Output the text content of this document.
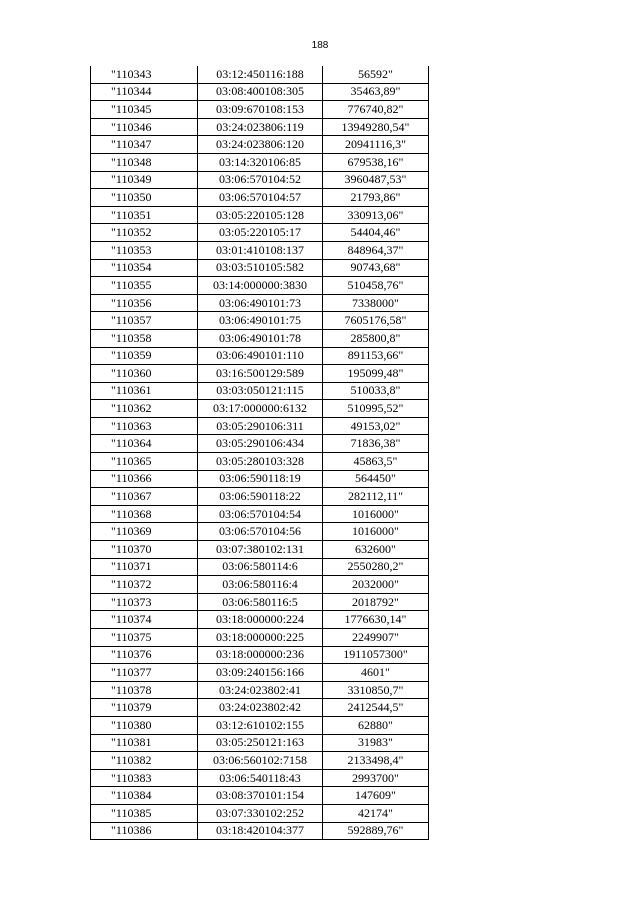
188
"110343	03:12:450116:188	56592"
"110344	03:08:400108:305	35463,89"
"110345	03:09:670108:153	776740,82"
"110346	03:24:023806:119	13949280,54"
"110347	03:24:023806:120	20941116,3"
"110348	03:14:320106:85	679538,16"
"110349	03:06:570104:52	3960487,53"
"110350	03:06:570104:57	21793,86"
"110351	03:05:220105:128	330913,06"
"110352	03:05:220105:17	54404,46"
"110353	03:01:410108:137	848964,37"
"110354	03:03:510105:582	90743,68"
"110355	03:14:000000:3830	510458,76"
"110356	03:06:490101:73	7338000"
"110357	03:06:490101:75	7605176,58"
"110358	03:06:490101:78	285800,8"
"110359	03:06:490101:110	891153,66"
"110360	03:16:500129:589	195099,48"
"110361	03:03:050121:115	510033,8"
"110362	03:17:000000:6132	510995,52"
"110363	03:05:290106:311	49153,02"
"110364	03:05:290106:434	71836,38"
"110365	03:05:280103:328	45863,5"
"110366	03:06:590118:19	564450"
"110367	03:06:590118:22	282112,11"
"110368	03:06:570104:54	1016000"
"110369	03:06:570104:56	1016000"
"110370	03:07:380102:131	632600"
"110371	03:06:580114:6	2550280,2"
"110372	03:06:580116:4	2032000"
"110373	03:06:580116:5	2018792"
"110374	03:18:000000:224	1776630,14"
"110375	03:18:000000:225	2249907"
"110376	03:18:000000:236	1911057300"
"110377	03:09:240156:166	4601"
"110378	03:24:023802:41	3310850,7"
"110379	03:24:023802:42	2412544,5"
"110380	03:12:610102:155	62880"
"110381	03:05:250121:163	31983"
"110382	03:06:560102:7158	2133498,4"
"110383	03:06:540118:43	2993700"
"110384	03:08:370101:154	147609"
"110385	03:07:330102:252	42174"
"110386	03:18:420104:377	592889,76"
